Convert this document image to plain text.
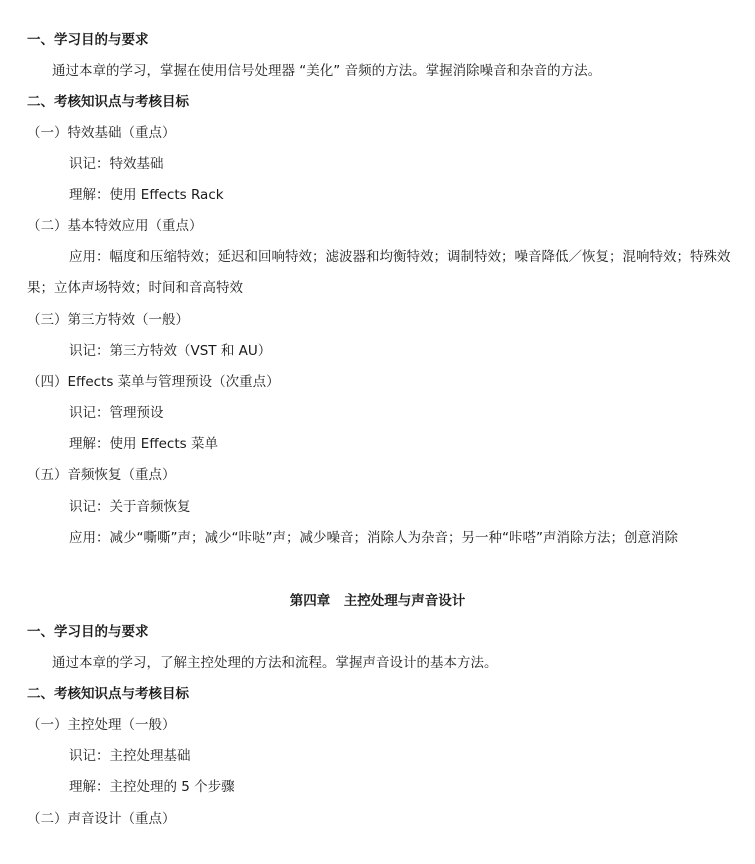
一、学习目的与要求
通过本章的学习，掌握在使用信号处理器 “美化” 音频的方法。掌握消除噪音和杂音的方法。
二、考核知识点与考核目标
（一）特效基础（重点）
识记：特效基础
理解：使用 Effects Rack
（二）基本特效应用（重点）
应用：幅度和压缩特效；延迟和回响特效；滤波器和均衡特效；调制特效；噪音降低／恢复；混响特效；特殊效果；立体声场特效；时间和音高特效
（三）第三方特效（一般）
识记：第三方特效（VST 和 AU）
（四）Effects 菜单与管理预设（次重点）
识记：管理预设
理解：使用 Effects 菜单
（五）音频恢复（重点）
识记：关于音频恢复
应用：减少“嘶嘶”声；减少“咔哒”声；减少噪音；消除人为杂音；另一种“咔嗒”声消除方法；创意消除
第四章　主控处理与声音设计
一、学习目的与要求
通过本章的学习，了解主控处理的方法和流程。掌握声音设计的基本方法。
二、考核知识点与考核目标
（一）主控处理（一般）
识记：主控处理基础
理解：主控处理的 5 个步骤
（二）声音设计（重点）
